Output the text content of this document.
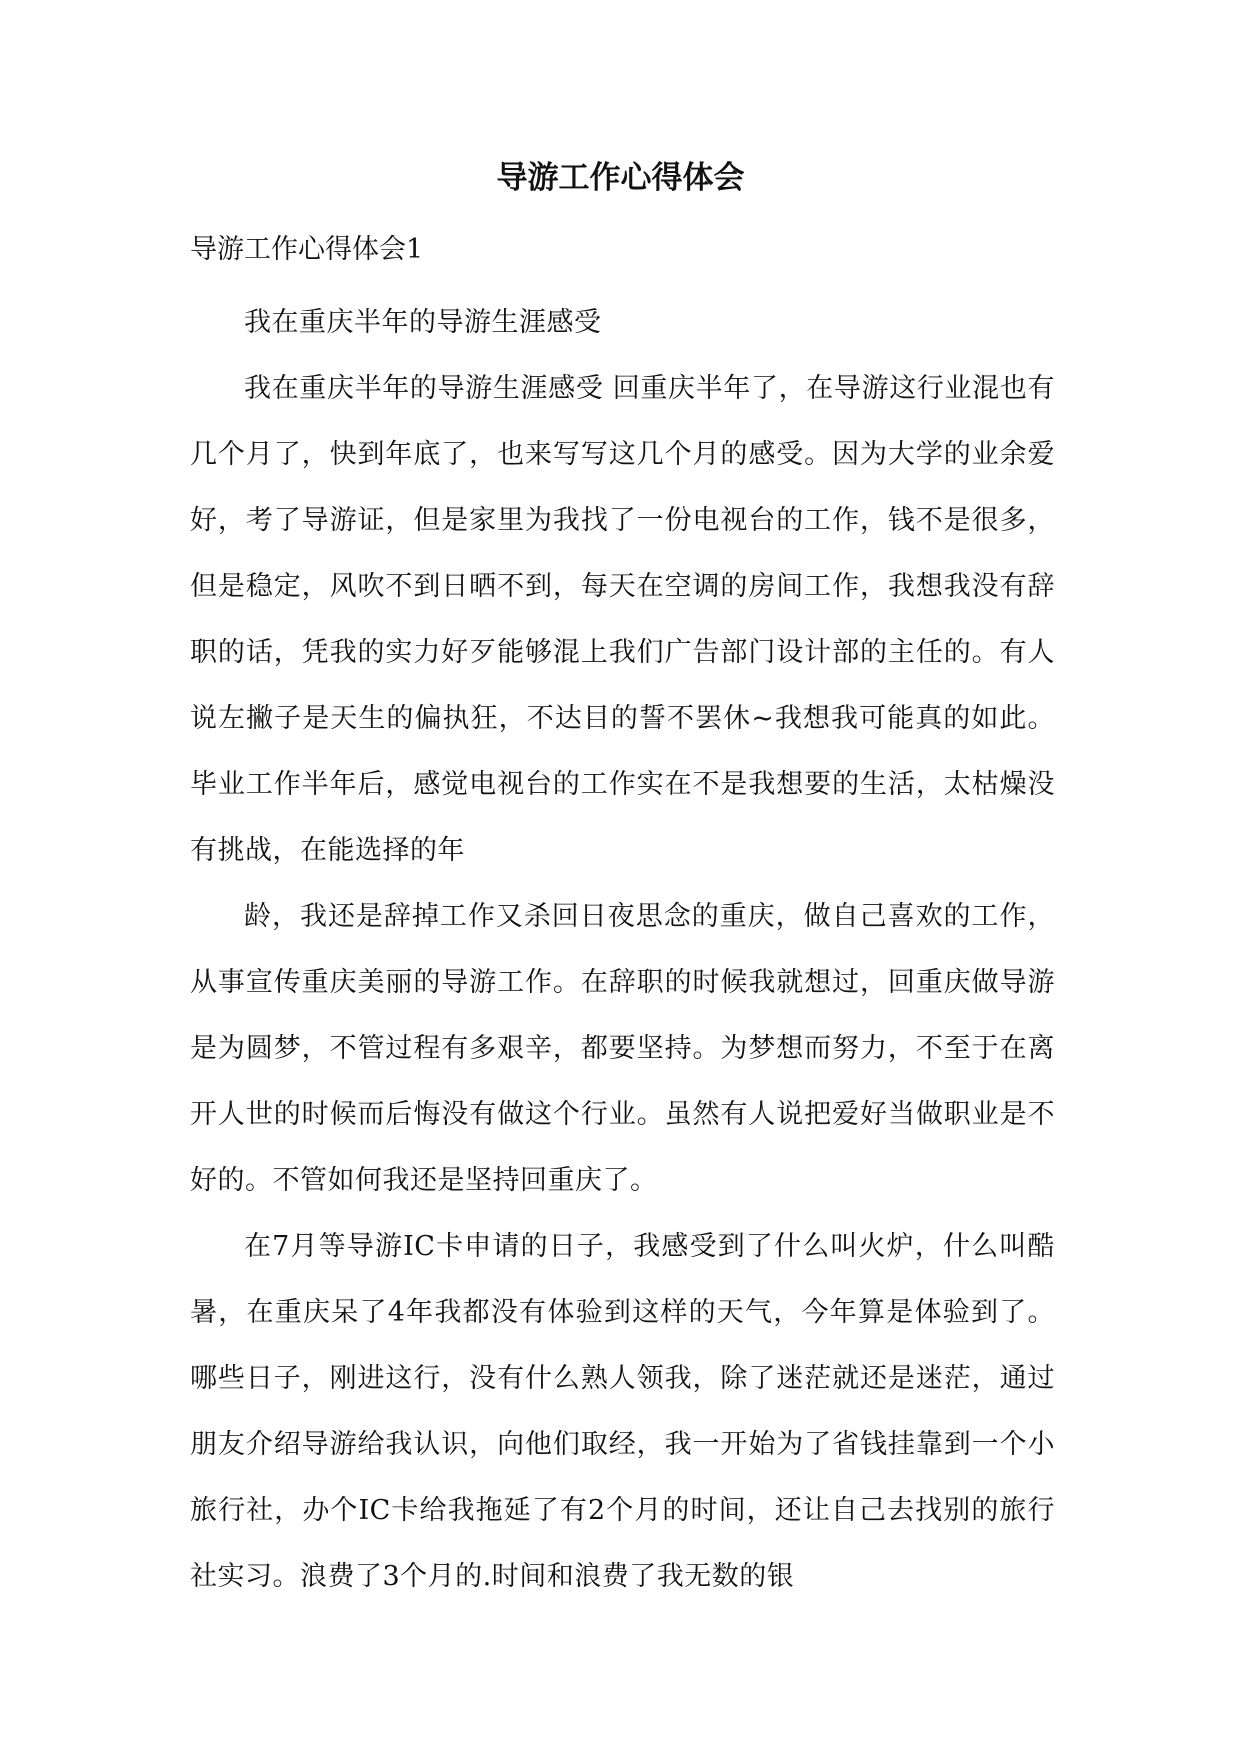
导游工作心得体会

导游工作心得体会1

我在重庆半年的导游生涯感受

我在重庆半年的导游生涯感受 回重庆半年了，在导游这行业混也有几个月了，快到年底了，也来写写这几个月的感受。因为大学的业余爱好，考了导游证，但是家里为我找了一份电视台的工作，钱不是很多，但是稳定，风吹不到日晒不到，每天在空调的房间工作，我想我没有辞职的话，凭我的实力好歹能够混上我们广告部门设计部的主任的。有人说左撇子是天生的偏执狂，不达目的誓不罢休~我想我可能真的如此。 毕业工作半年后，感觉电视台的工作实在不是我想要的生活，太枯燥没有挑战，在能选择的年

龄，我还是辞掉工作又杀回日夜思念的重庆，做自己喜欢的工作，从事宣传重庆美丽的导游工作。在辞职的时候我就想过，回重庆做导游是为圆梦，不管过程有多艰辛，都要坚持。为梦想而努力，不至于在离开人世的时候而后悔没有做这个行业。虽然有人说把爱好当做职业是不好的。不管如何我还是坚持回重庆了。

在7月等导游IC卡申请的日子，我感受到了什么叫火炉，什么叫酷暑，在重庆呆了4年我都没有体验到这样的天气，今年算是体验到了。哪些日子，刚进这行，没有什么熟人领我，除了迷茫就还是迷茫，通过朋友介绍导游给我认识，向他们取经，我一开始为了省钱挂靠到一个小旅行社，办个IC卡给我拖延了有2个月的时间，还让自己去找别的旅行社实习。浪费了3个月的.时间和浪费了我无数的银
